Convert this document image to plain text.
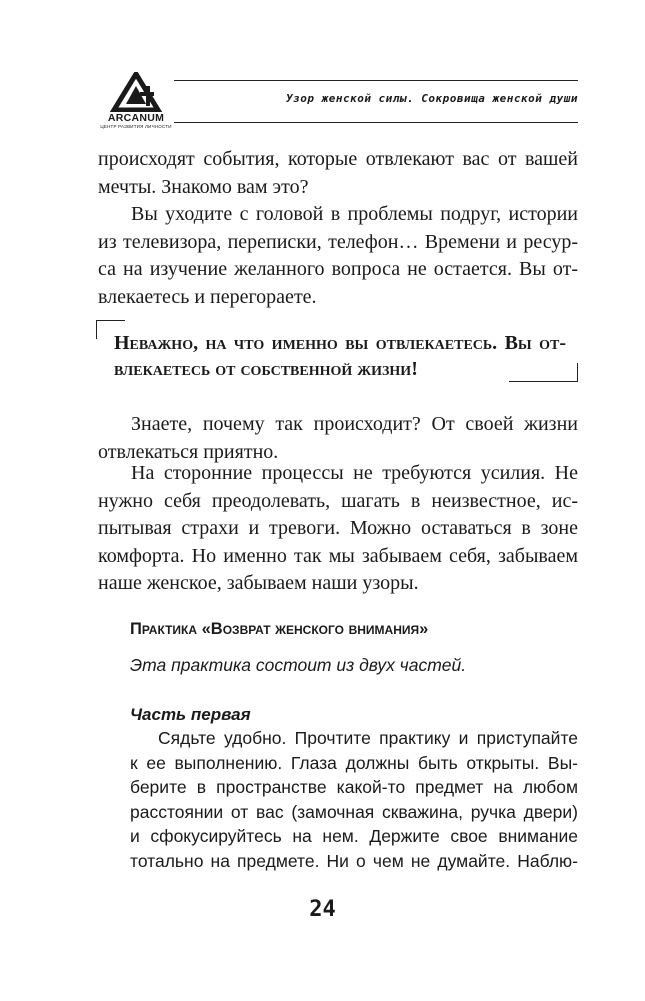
ARCANUM
ЦЕНТР РАЗВИТИЯ ЛИЧНОСТИ
Узор женской силы. Сокровища женской души
происходят события, которые отвлекают вас от вашей
мечты. Знакомо вам это?
Вы уходите с головой в проблемы подруг, истории
из телевизора, переписки, телефон… Времени и ресур-
са на изучение желанного вопроса не остается. Вы от-
влекаетесь и перегораете.
Неважно, на что именно вы отвлекаетесь. Вы от-
влекаетесь от собственной жизни!
Знаете, почему так происходит? От своей жизни
отвлекаться приятно.
На сторонние процессы не требуются усилия. Не
нужно себя преодолевать, шагать в неизвестное, ис-
пытывая страхи и тревоги. Можно оставаться в зоне
комфорта. Но именно так мы забываем себя, забываем
наше женское, забываем наши узоры.
Практика «Возврат женского внимания»
Эта практика состоит из двух частей.
Часть первая
Сядьте удобно. Прочтите практику и приступайте
к ее выполнению. Глаза должны быть открыты. Вы-
берите в пространстве какой-то предмет на любом
расстоянии от вас (замочная скважина, ручка двери)
и сфокусируйтесь на нем. Держите свое внимание
тотально на предмете. Ни о чем не думайте. Наблю-
24
